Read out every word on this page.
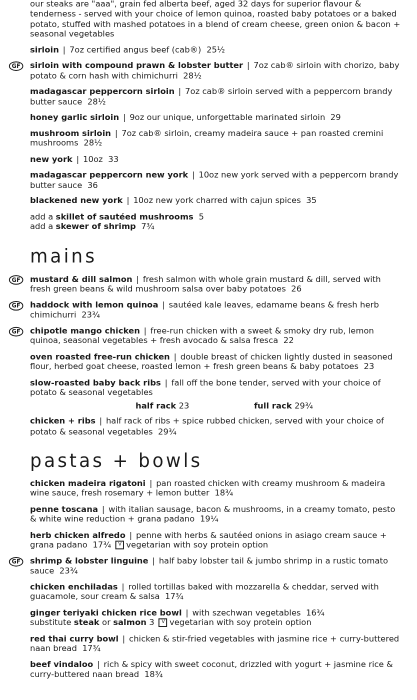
our steaks are "aaa", grain fed alberta beef, aged 32 days for superior flavour & tenderness - served with your choice of lemon quinoa, roasted baby potatoes or a baked potato, stuffed with mashed potatoes in a blend of cream cheese, green onion & bacon + seasonal vegetables
sirloin | 7oz certified angus beef (cab®) 25½
GF	sirloin with compound prawn & lobster butter | 7oz cab® sirloin with chorizo, baby potato & corn hash with chimichurri 28½
madagascar peppercorn sirloin | 7oz cab® sirloin served with a peppercorn brandy butter sauce 28½
honey garlic sirloin | 9oz our unique, unforgettable marinated sirloin 29
mushroom sirloin | 7oz cab® sirloin, creamy madeira sauce + pan roasted cremini mushrooms 28½
new york | 10oz 33
madagascar peppercorn new york | 10oz new york served with a peppercorn brandy butter sauce 36
blackened new york | 10oz new york charred with cajun spices 35
add a skillet of sautéed mushrooms 5
add a skewer of shrimp 7¾
mains
GF	mustard & dill salmon | fresh salmon with whole grain mustard & dill, served with fresh green beans & wild mushroom salsa over baby potatoes 26
GF	haddock with lemon quinoa | sautéed kale leaves, edamame beans & fresh herb chimichurri 23¾
GF	chipotle mango chicken | free-run chicken with a sweet & smoky dry rub, lemon quinoa, seasonal vegetables + fresh avocado & salsa fresca 22
oven roasted free-run chicken | double breast of chicken lightly dusted in seasoned flour, herbed goat cheese, roasted lemon + fresh green beans & baby potatoes 23
slow-roasted baby back ribs | fall off the bone tender, served with your choice of potato & seasonal vegetables
half rack 23	full rack 29¾
chicken + ribs | half rack of ribs + spice rubbed chicken, served with your choice of potato & seasonal vegetables 29¾
pastas + bowls
chicken madeira rigatoni | pan roasted chicken with creamy mushroom & madeira wine sauce, fresh rosemary + lemon butter 18¾
penne toscana | with italian sausage, bacon & mushrooms, in a creamy tomato, pesto & white wine reduction + grana padano 19¼
herb chicken alfredo | penne with herbs & sautéed onions in asiago cream sauce + grana padano 17¾ V vegetarian with soy protein option
GF	shrimp & lobster linguine | half baby lobster tail & jumbo shrimp in a rustic tomato sauce 23¾
chicken enchiladas | rolled tortillas baked with mozzarella & cheddar, served with guacamole, sour cream & salsa 17¾
ginger teriyaki chicken rice bowl | with szechwan vegetables 16¾
substitute steak or salmon 3 V vegetarian with soy protein option
red thai curry bowl | chicken & stir-fried vegetables with jasmine rice + curry-buttered naan bread 17¾
beef vindaloo | rich & spicy with sweet coconut, drizzled with yogurt + jasmine rice & curry-buttered naan bread 18¾
